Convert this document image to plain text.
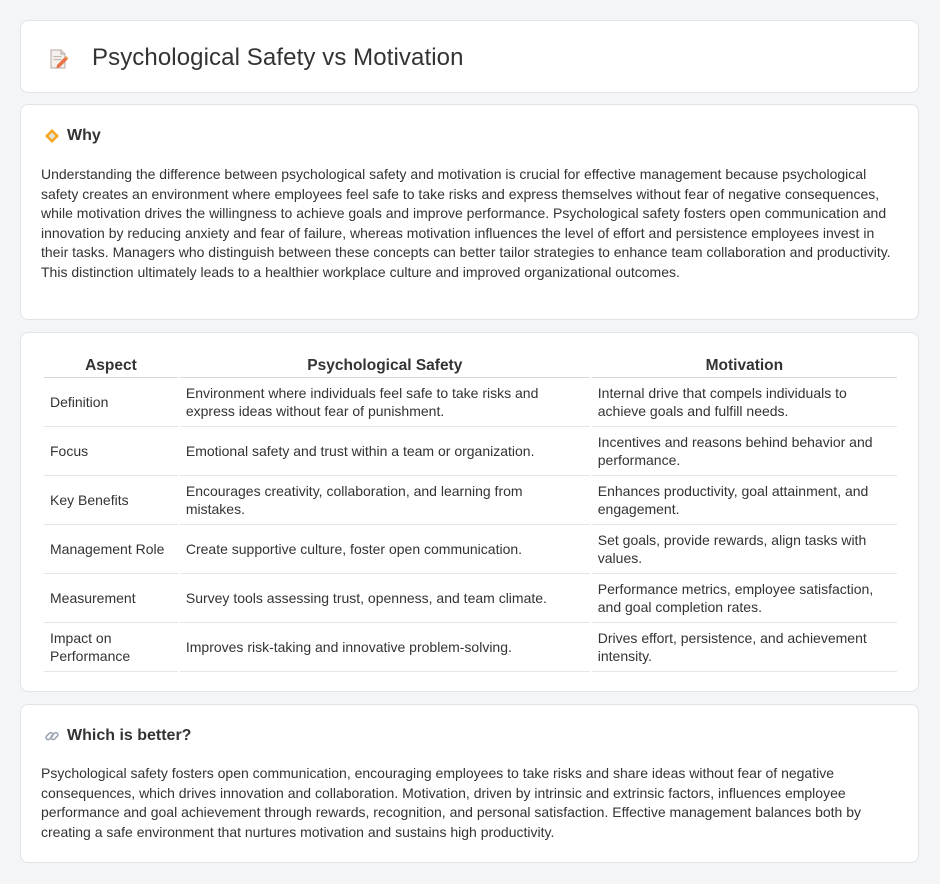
Psychological Safety vs Motivation
Why

Understanding the difference between psychological safety and motivation is crucial for effective management because psychological safety creates an environment where employees feel safe to take risks and express themselves without fear of negative consequences, while motivation drives the willingness to achieve goals and improve performance. Psychological safety fosters open communication and innovation by reducing anxiety and fear of failure, whereas motivation influences the level of effort and persistence employees invest in their tasks. Managers who distinguish between these concepts can better tailor strategies to enhance team collaboration and productivity. This distinction ultimately leads to a healthier workplace culture and improved organizational outcomes.

Aspect	Psychological Safety	Motivation
Definition	Environment where individuals feel safe to take risks and express ideas without fear of punishment.	Internal drive that compels individuals to achieve goals and fulfill needs.
Focus	Emotional safety and trust within a team or organization.	Incentives and reasons behind behavior and performance.
Key Benefits	Encourages creativity, collaboration, and learning from mistakes.	Enhances productivity, goal attainment, and engagement.
Management Role	Create supportive culture, foster open communication.	Set goals, provide rewards, align tasks with values.
Measurement	Survey tools assessing trust, openness, and team climate.	Performance metrics, employee satisfaction, and goal completion rates.
Impact on Performance	Improves risk-taking and innovative problem-solving.	Drives effort, persistence, and achievement intensity.
Which is better?

Psychological safety fosters open communication, encouraging employees to take risks and share ideas without fear of negative consequences, which drives innovation and collaboration. Motivation, driven by intrinsic and extrinsic factors, influences employee performance and goal achievement through rewards, recognition, and personal satisfaction. Effective management balances both by creating a safe environment that nurtures motivation and sustains high productivity.
